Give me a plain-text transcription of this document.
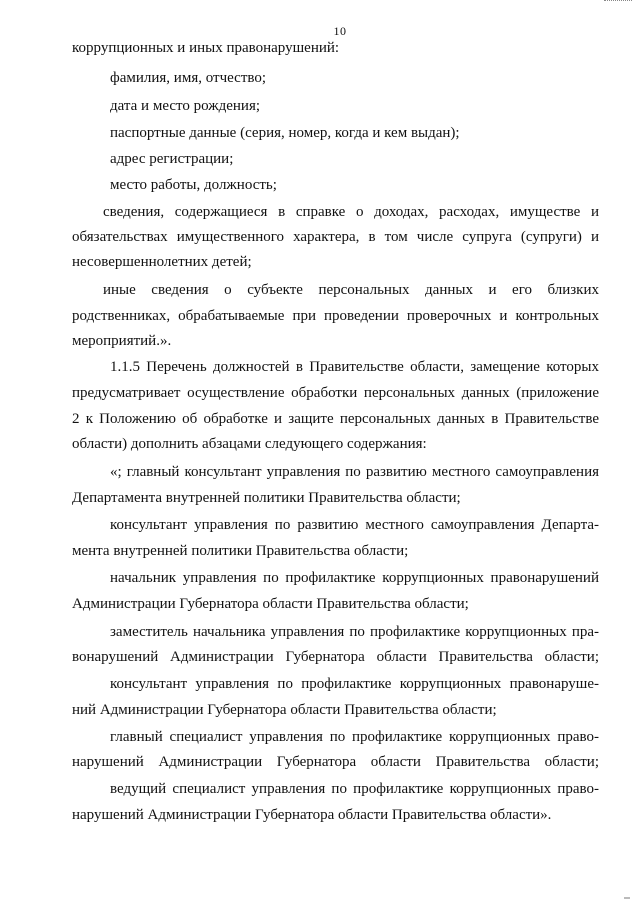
10
коррупционных и иных правонарушений:
фамилия, имя, отчество;
дата и место рождения;
паспортные данные (серия, номер, когда и кем выдан);
адрес регистрации;
место работы, должность;
сведения, содержащиеся в справке о доходах, расходах, имуществе и
обязательствах имущественного характера, в том числе супруга (супруги) и
несовершеннолетних детей;
иные сведения о субъекте персональных данных и его близких
родственниках, обрабатываемые при проведении проверочных и контрольных
мероприятий.».
1.1.5 Перечень должностей в Правительстве области, замещение которых
предусматривает осуществление обработки персональных данных (приложение
2 к Положению об обработке и защите персональных данных в Правительстве
области) дополнить абзацами следующего содержания:
«; главный консультант управления по развитию местного самоуправления
Департамента внутренней политики Правительства области;
консультант управления по развитию местного самоуправления Департа-
мента внутренней политики Правительства области;
начальник управления по профилактике коррупционных правонарушений
Администрации Губернатора области Правительства области;
заместитель начальника управления по профилактике коррупционных пра-
вонарушений Администрации Губернатора области Правительства области;
консультант управления по профилактике коррупционных правонаруше-
ний Администрации Губернатора области Правительства области;
главный специалист управления по профилактике коррупционных право-
нарушений Администрации Губернатора области Правительства области;
ведущий специалист управления по профилактике коррупционных право-
нарушений Администрации Губернатора области Правительства области».
